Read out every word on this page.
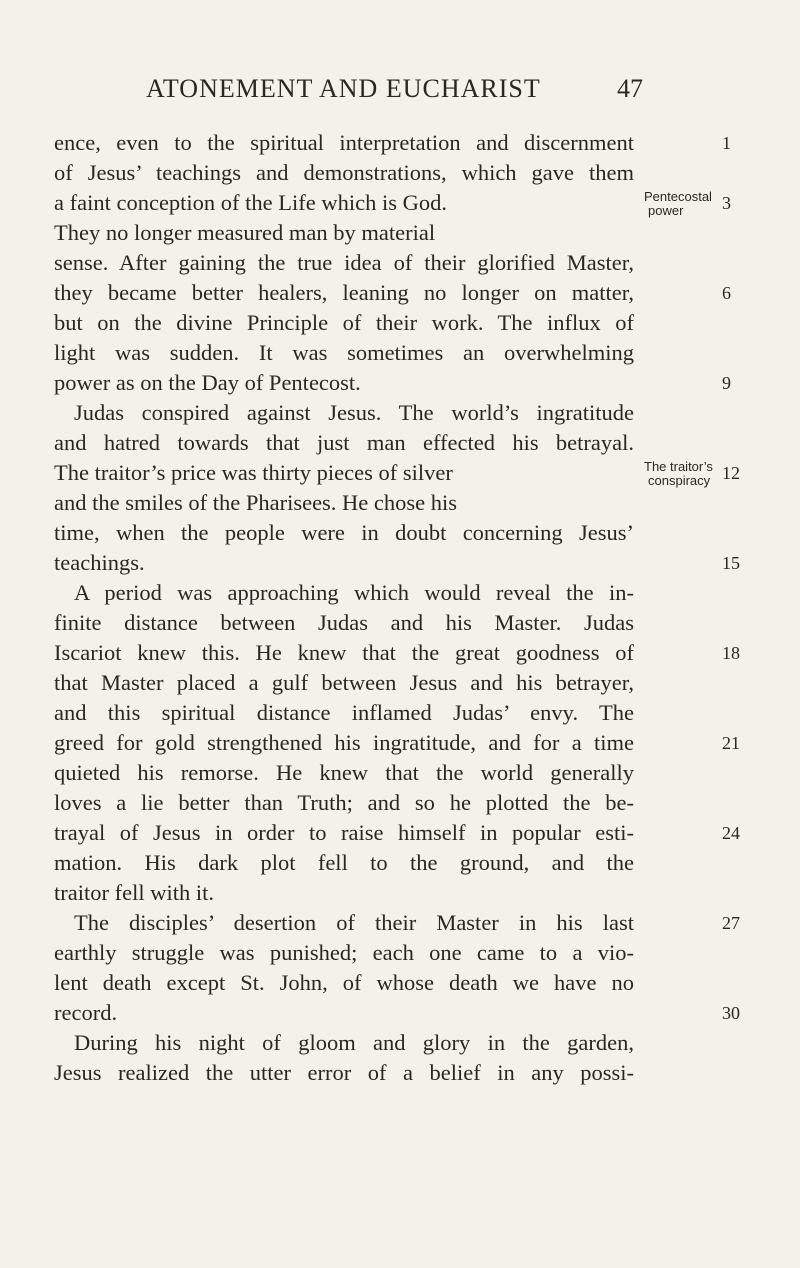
ATONEMENT AND EUCHARIST	47
ence, even to the spiritual interpretation and discernment
of Jesus’ teachings and demonstrations, which gave them
a faint conception of the Life which is God.
They no longer measured man by material
sense. After gaining the true idea of their glorified Master,
they became better healers, leaning no longer on matter,
but on the divine Principle of their work. The influx of
light was sudden. It was sometimes an overwhelming
power as on the Day of Pentecost.
Judas conspired against Jesus. The world’s ingratitude
and hatred towards that just man effected his betrayal.
The traitor’s price was thirty pieces of silver
and the smiles of the Pharisees. He chose his
time, when the people were in doubt concerning Jesus’
teachings.
A period was approaching which would reveal the in-
finite distance between Judas and his Master. Judas
Iscariot knew this. He knew that the great goodness of
that Master placed a gulf between Jesus and his betrayer,
and this spiritual distance inflamed Judas’ envy. The
greed for gold strengthened his ingratitude, and for a time
quieted his remorse. He knew that the world generally
loves a lie better than Truth; and so he plotted the be-
trayal of Jesus in order to raise himself in popular esti-
mation. His dark plot fell to the ground, and the
traitor fell with it.
The disciples’ desertion of their Master in his last
earthly struggle was punished; each one came to a vio-
lent death except St. John, of whose death we have no
record.
During his night of gloom and glory in the garden,
Jesus realized the utter error of a belief in any possi-
Pentecostal
power
The traitor’s
conspiracy
1
3
6
9
12
15
18
21
24
27
30
